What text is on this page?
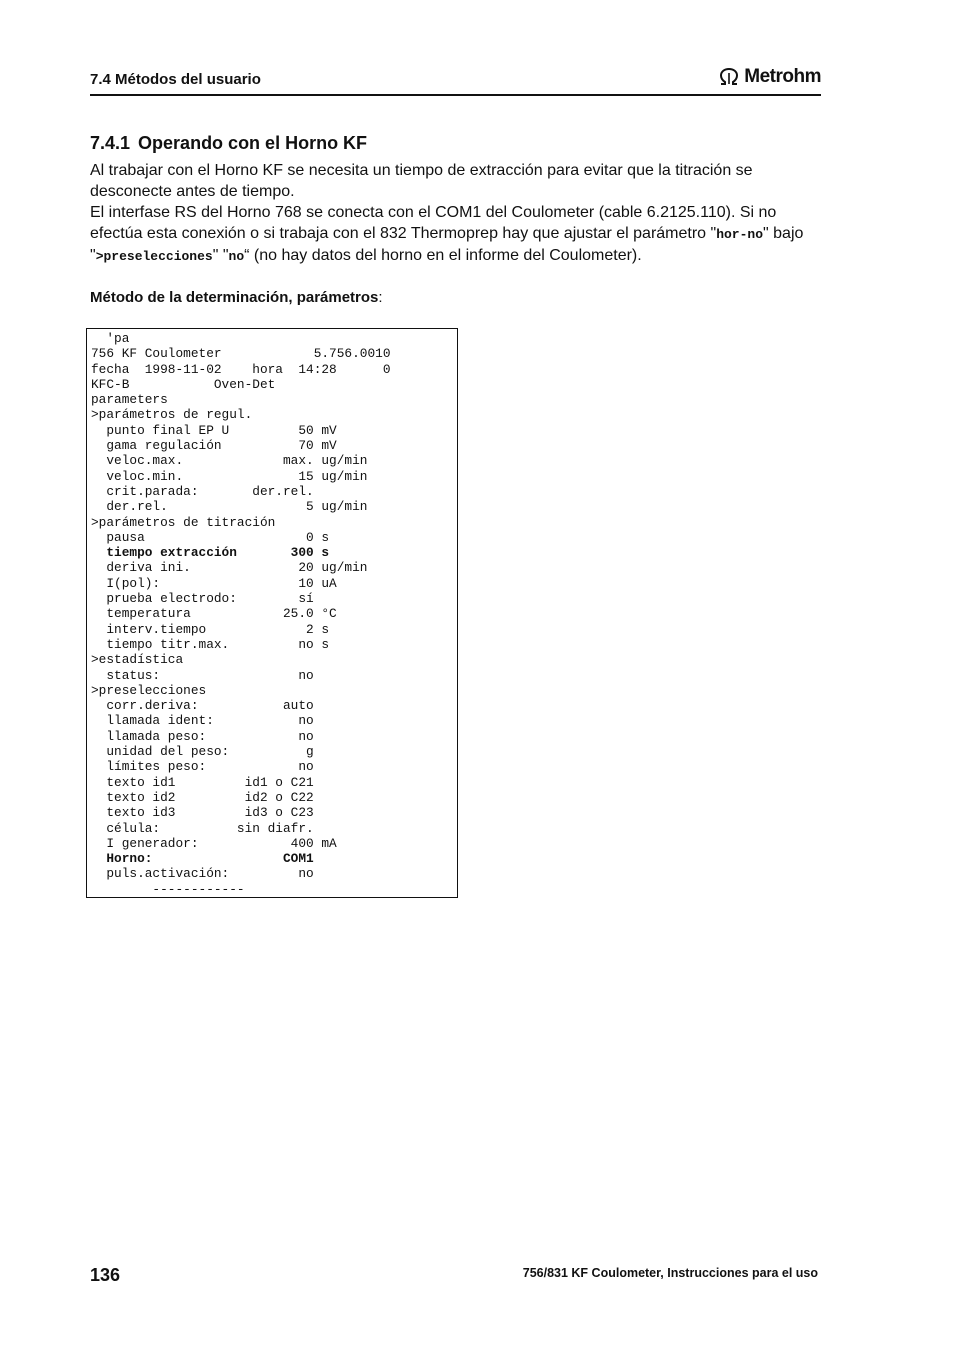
7.4 Métodos del usuario	Metrohm
7.4.1 Operando con el Horno KF

Al trabajar con el Horno KF se necesita un tiempo de extracción para evitar que la titración se desconecte antes de tiempo.

El interfase RS del Horno 768 se conecta con el COM1 del Coulometer (cable 6.2125.110). Si no efectúa esta conexión o si trabaja con el 832 Thermoprep hay que ajustar el parámetro "hor-no" bajo ">preselecciones" "no“ (no hay datos del horno en el informe del Coulometer).

Método de la determinación, parámetros:
'pa
756 KF Coulometer            5.756.0010
fecha  1998-11-02    hora  14:28      0
KFC-B           Oven-Det
parameters
>parámetros de regul.
punto final EP U         50 mV
gama regulación          70 mV
veloc.max.             max. ug/min
veloc.min.               15 ug/min
crit.parada:       der.rel.
der.rel.                  5 ug/min
>parámetros de titración
pausa                     0 s
tiempo extracción       300 s
deriva ini.              20 ug/min
I(pol):                  10 uA
prueba electrodo:        sí
temperatura            25.0 °C
interv.tiempo             2 s
tiempo titr.max.         no s
>estadística
status:                  no
>preselecciones
corr.deriva:           auto
llamada ident:           no
llamada peso:            no
unidad del peso:          g
límites peso:            no
texto id1         id1 o C21
texto id2         id2 o C22
texto id3         id3 o C23
célula:          sin diafr.
I generador:            400 mA
Horno:                 COM1
puls.activación:         no
------------
136	756/831 KF Coulometer, Instrucciones para el uso
